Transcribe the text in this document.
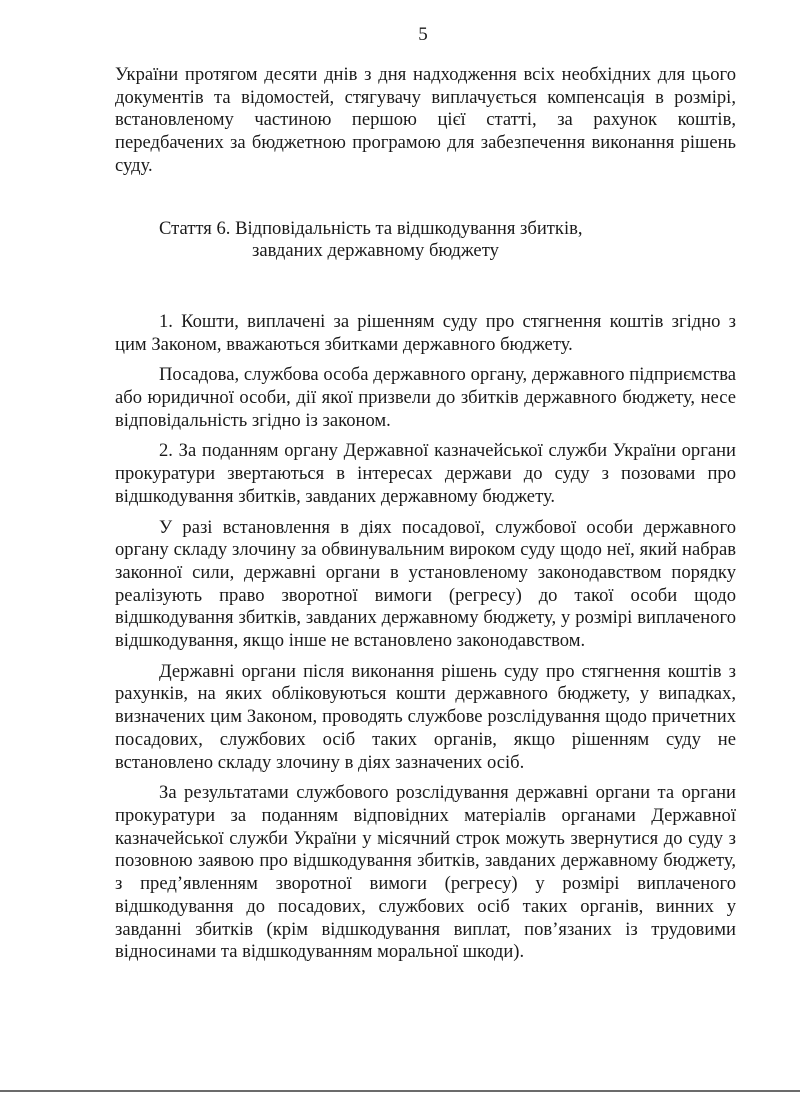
5

України протягом десяти днів з дня надходження всіх необхідних для цього документів та відомостей, стягувачу виплачується компенсація в розмірі, встановленому частиною першою цієї статті, за рахунок коштів, передбачених за бюджетною програмою для забезпечення виконання рішень суду.

Стаття 6. Відповідальність та відшкодування збитків,
завданих державному бюджету

1. Кошти, виплачені за рішенням суду про стягнення коштів згідно з цим Законом, вважаються збитками державного бюджету.

Посадова, службова особа державного органу, державного підприємства або юридичної особи, дії якої призвели до збитків державного бюджету, несе відповідальність згідно із законом.

2. За поданням органу Державної казначейської служби України органи прокуратури звертаються в інтересах держави до суду з позовами про відшкодування збитків, завданих державному бюджету.

У разі встановлення в діях посадової, службової особи державного органу складу злочину за обвинувальним вироком суду щодо неї, який набрав законної сили, державні органи в установленому законодавством порядку реалізують право зворотної вимоги (регресу) до такої особи щодо відшкодування збитків, завданих державному бюджету, у розмірі виплаченого відшкодування, якщо інше не встановлено законодавством.

Державні органи після виконання рішень суду про стягнення коштів з рахунків, на яких обліковуються кошти державного бюджету, у випадках, визначених цим Законом, проводять службове розслідування щодо причетних посадових, службових осіб таких органів, якщо рішенням суду не встановлено складу злочину в діях зазначених осіб.

За результатами службового розслідування державні органи та органи прокуратури за поданням відповідних матеріалів органами Державної казначейської служби України у місячний строк можуть звернутися до суду з позовною заявою про відшкодування збитків, завданих державному бюджету, з пред’явленням зворотної вимоги (регресу) у розмірі виплаченого відшкодування до посадових, службових осіб таких органів, винних у завданні збитків (крім відшкодування виплат, пов’язаних із трудовими відносинами та відшкодуванням моральної шкоди).
